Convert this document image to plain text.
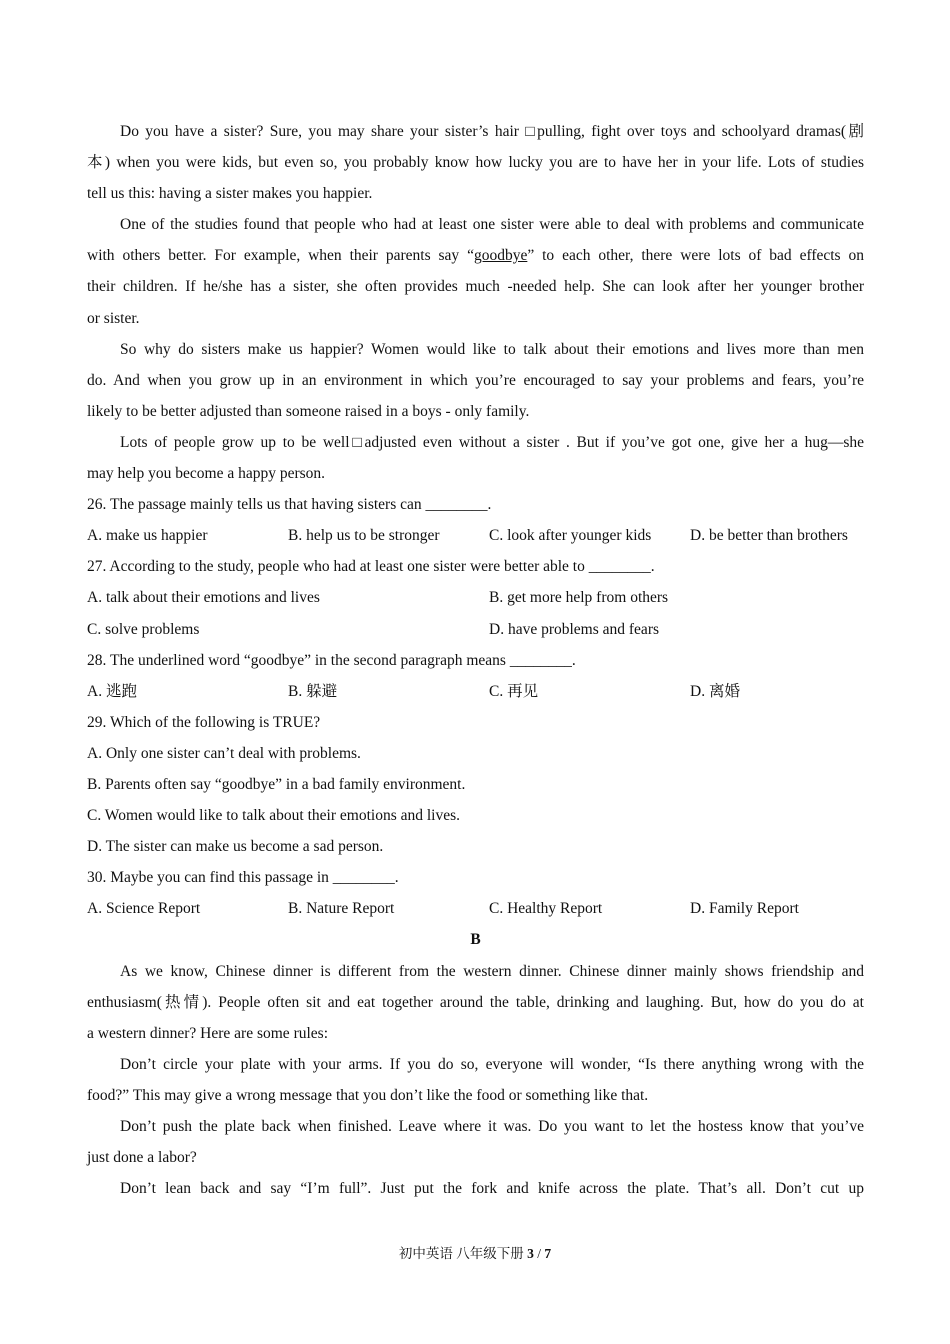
Do you have a sister? Sure, you may share your sister’s hair □pulling, fight over toys and schoolyard dramas(剧
本) when you were kids, but even so, you probably know how lucky you are to have her in your life. Lots of studies
tell us this: having a sister makes you happier.
One of the studies found that people who had at least one sister were able to deal with problems and communicate
with others better. For example, when their parents say “goodbye” to each other, there were lots of bad effects on
their children. If he/she has a sister, she often provides much -needed help. She can look after her younger brother
or sister.
So why do sisters make us happier? Women would like to talk about their emotions and lives more than men
do. And when you grow up in an environment in which you’re encouraged to say your problems and fears, you’re
likely to be better adjusted than someone raised in a boys - only family.
Lots of people grow up to be well□adjusted even without a sister . But if you’ve got one, give her a hug—she
may help you become a happy person.
26. The passage mainly tells us that having sisters can ________.
A. make us happier	B. help us to be stronger	C. look after younger kids	D. be better than brothers
27. According to the study, people who had at least one sister were better able to ________.
A. talk about their emotions and lives	B. get more help from others
C. solve problems	D. have problems and fears
28. The underlined word “goodbye” in the second paragraph means ________.
A. 逃跑	B. 躲避	C. 再见	D. 离婚
29. Which of the following is TRUE?
A. Only one sister can’t deal with problems.
B. Parents often say “goodbye” in a bad family environment.
C. Women would like to talk about their emotions and lives.
D. The sister can make us become a sad person.
30. Maybe you can find this passage in ________.
A. Science Report	B. Nature Report	C. Healthy Report	D. Family Report
B
As we know, Chinese dinner is different from the western dinner. Chinese dinner mainly shows friendship and
enthusiasm(热情). People often sit and eat together around the table, drinking and laughing. But, how do you do at
a western dinner? Here are some rules:
Don’t circle your plate with your arms. If you do so, everyone will wonder, “Is there anything wrong with the
food?” This may give a wrong message that you don’t like the food or something like that.
Don’t push the plate back when finished. Leave where it was. Do you want to let the hostess know that you’ve
just done a labor?
Don’t lean back and say “I’m full”. Just put the fork and knife across the plate. That’s all. Don’t cut up
初中英语 八年级下册 3 / 7
